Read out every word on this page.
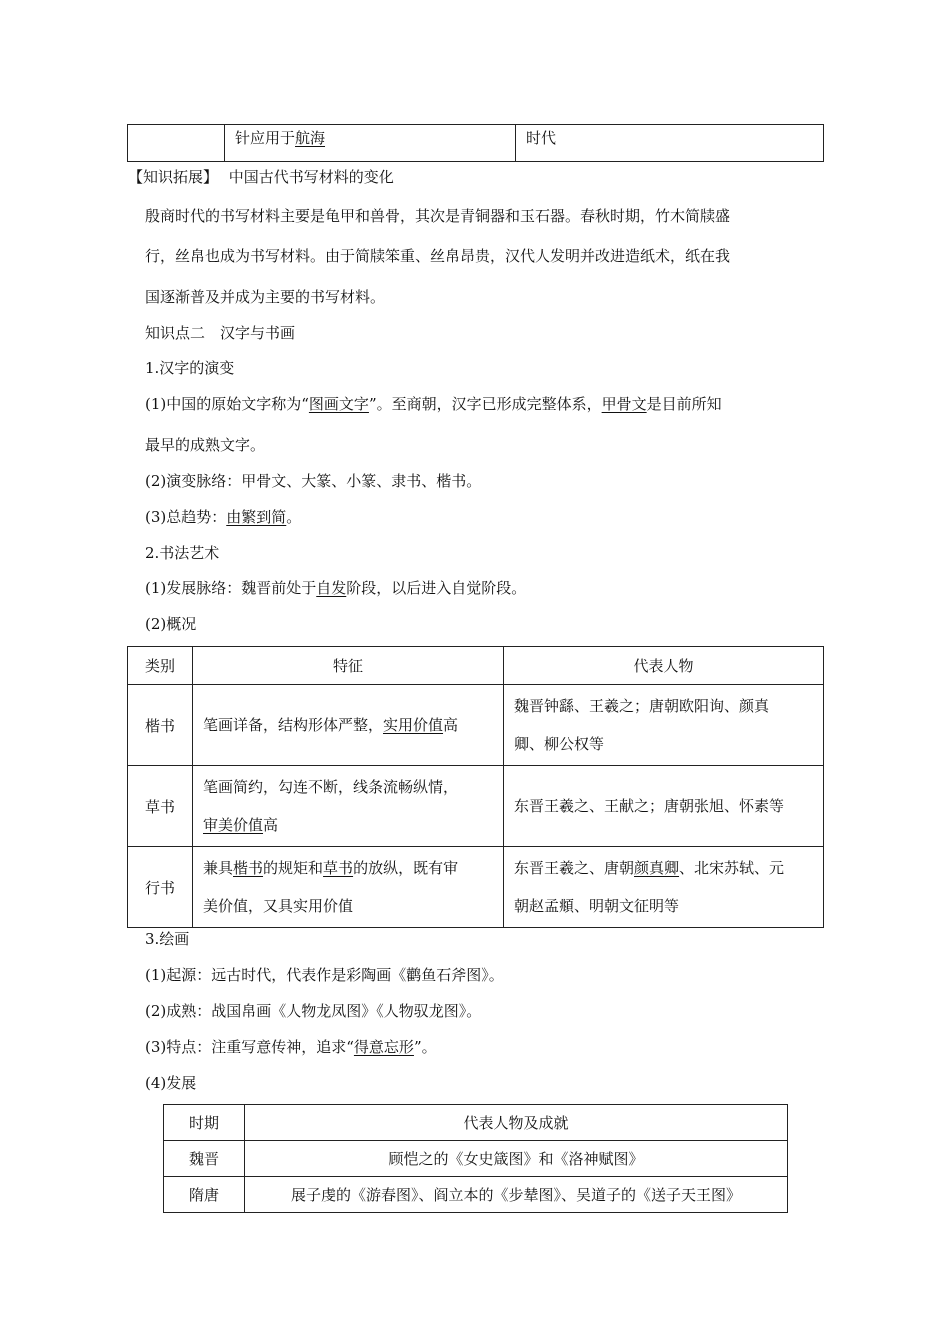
	针应用于航海	时代
【知识拓展】 中国古代书写材料的变化
殷商时代的书写材料主要是龟甲和兽骨，其次是青铜器和玉石器。春秋时期，竹木简牍盛
行，丝帛也成为书写材料。由于简牍笨重、丝帛昂贵，汉代人发明并改进造纸术，纸在我
国逐渐普及并成为主要的书写材料。
知识点二　汉字与书画
1.汉字的演变
(1)中国的原始文字称为“图画文字”。至商朝，汉字已形成完整体系，甲骨文是目前所知
最早的成熟文字。
(2)演变脉络：甲骨文、大篆、小篆、隶书、楷书。
(3)总趋势：由繁到简。
2.书法艺术
(1)发展脉络：魏晋前处于自发阶段，以后进入自觉阶段。
(2)概况
类别	特征	代表人物
楷书	笔画详备，结构形体严整，实用价值高	魏晋钟繇、王羲之；唐朝欧阳询、颜真
卿、柳公权等
草书	笔画简约，勾连不断，线条流畅纵情，
审美价值高	东晋王羲之、王献之；唐朝张旭、怀素等
行书	兼具楷书的规矩和草书的放纵，既有审
美价值，又具实用价值	东晋王羲之、唐朝颜真卿、北宋苏轼、元
朝赵孟頫、明朝文征明等
3.绘画
(1)起源：远古时代，代表作是彩陶画《鹳鱼石斧图》。
(2)成熟：战国帛画《人物龙凤图》《人物驭龙图》。
(3)特点：注重写意传神，追求“得意忘形”。
(4)发展
时期	代表人物及成就
魏晋	顾恺之的《女史箴图》和《洛神赋图》
隋唐	展子虔的《游春图》、阎立本的《步辇图》、吴道子的《送子天王图》
